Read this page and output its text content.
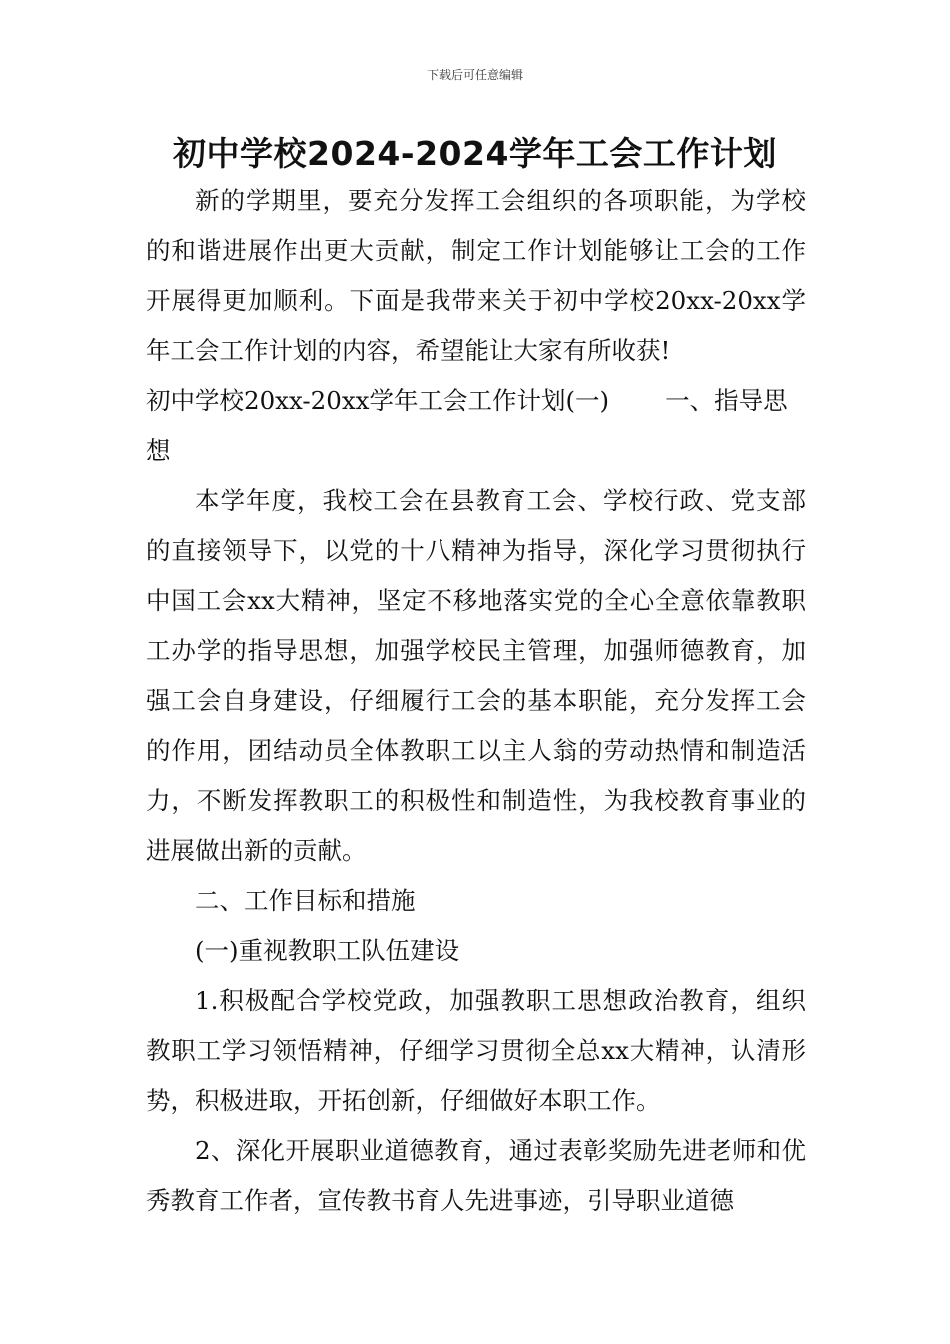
下载后可任意编辑
初中学校2024-2024学年工会工作计划

新的学期里，要充分发挥工会组织的各项职能，为学校的和谐进展作出更大贡献，制定工作计划能够让工会的工作开展得更加顺利。下面是我带来关于初中学校20xx-20xx学年工会工作计划的内容，希望能让大家有所收获!

初中学校20xx-20xx学年工会工作计划(一) 一、指导思

想

本学年度，我校工会在县教育工会、学校行政、党支部的直接领导下，以党的十八精神为指导，深化学习贯彻执行中国工会xx大精神，坚定不移地落实党的全心全意依靠教职工办学的指导思想，加强学校民主管理，加强师德教育，加强工会自身建设，仔细履行工会的基本职能，充分发挥工会的作用，团结动员全体教职工以主人翁的劳动热情和制造活力，不断发挥教职工的积极性和制造性，为我校教育事业的进展做出新的贡献。

二、工作目标和措施

(一)重视教职工队伍建设

1.积极配合学校党政，加强教职工思想政治教育，组织教职工学习领悟精神，仔细学习贯彻全总xx大精神，认清形势，积极进取，开拓创新，仔细做好本职工作。

2、深化开展职业道德教育，通过表彰奖励先进老师和优秀教育工作者，宣传教书育人先进事迹，引导职业道德
